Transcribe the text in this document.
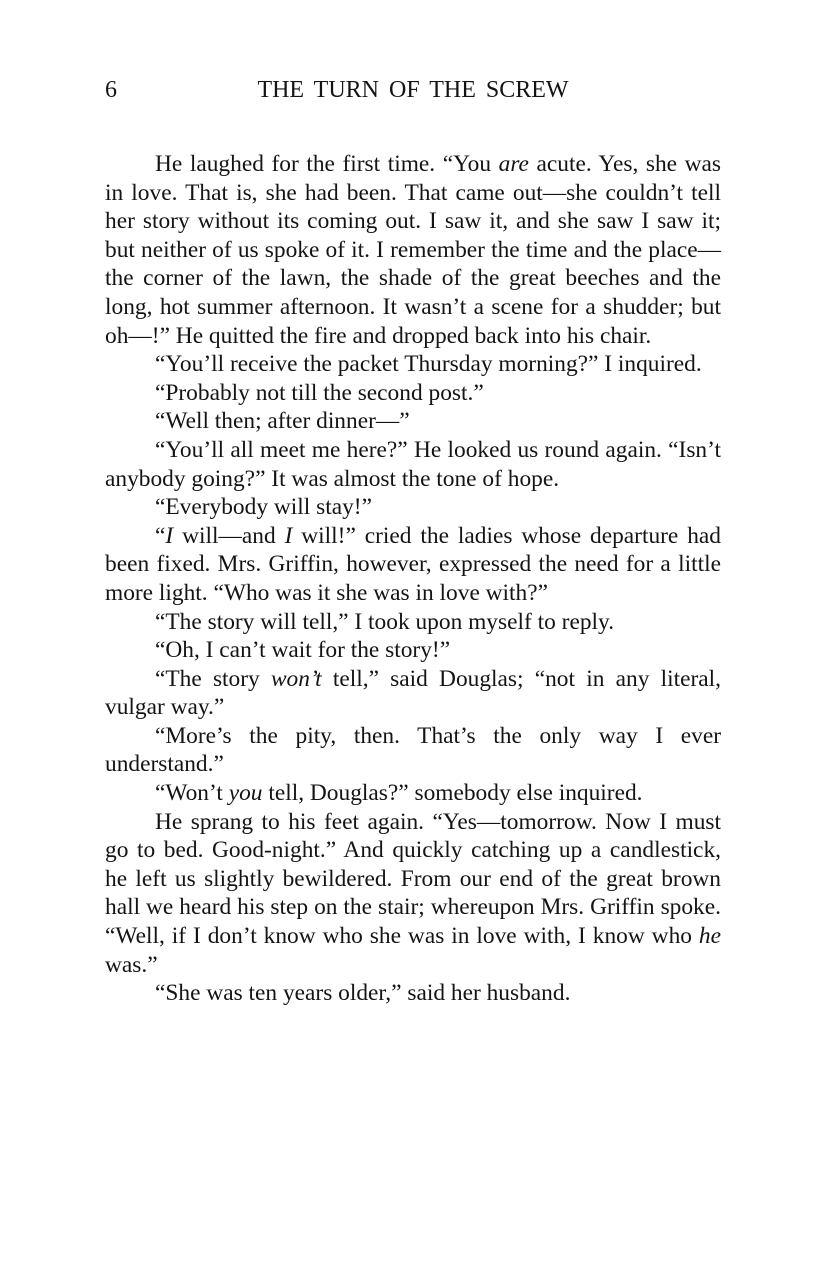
6	THE TURN OF THE SCREW

He laughed for the first time. “You are acute. Yes, she was in love. That is, she had been. That came out—she couldn’t tell her story without its coming out. I saw it, and she saw I saw it; but neither of us spoke of it. I remember the time and the place—the corner of the lawn, the shade of the great beeches and the long, hot summer afternoon. It wasn’t a scene for a shudder; but oh—!” He quitted the fire and dropped back into his chair.

“You’ll receive the packet Thursday morning?” I inquired.

“Probably not till the second post.”

“Well then; after dinner—”

“You’ll all meet me here?” He looked us round again. “Isn’t anybody going?” It was almost the tone of hope.

“Everybody will stay!”

“I will—and I will!” cried the ladies whose departure had been fixed. Mrs. Griffin, however, expressed the need for a little more light. “Who was it she was in love with?”

“The story will tell,” I took upon myself to reply.

“Oh, I can’t wait for the story!”

“The story won’t tell,” said Douglas; “not in any literal, vulgar way.”

“More’s the pity, then. That’s the only way I ever understand.”

“Won’t you tell, Douglas?” somebody else inquired.

He sprang to his feet again. “Yes—tomorrow. Now I must go to bed. Good-night.” And quickly catching up a candlestick, he left us slightly bewildered. From our end of the great brown hall we heard his step on the stair; whereupon Mrs. Griffin spoke. “Well, if I don’t know who she was in love with, I know who he was.”

“She was ten years older,” said her husband.
